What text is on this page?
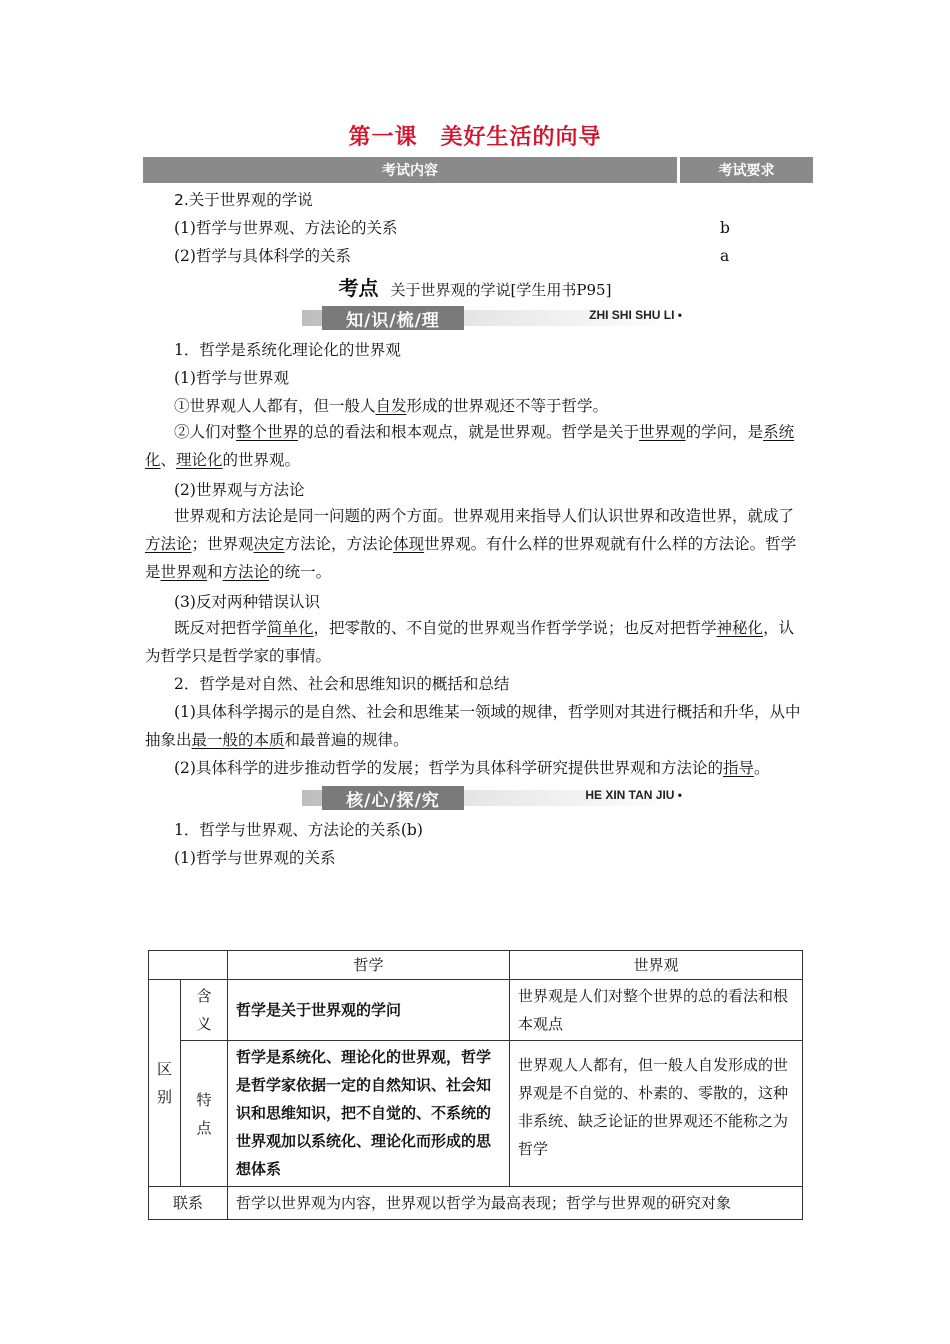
第一课　美好生活的向导
考试内容	考试要求
2.关于世界观的学说
(1)哲学与世界观、方法论的关系	b
(2)哲学与具体科学的关系	a
考点 关于世界观的学说[学生用书P95]
知/识/梳/理	ZHI SHI SHU LI •
1．哲学是系统化理论化的世界观
(1)哲学与世界观
①世界观人人都有，但一般人自发形成的世界观还不等于哲学。
②人们对整个世界的总的看法和根本观点，就是世界观。哲学是关于世界观的学问，是系统化、理论化的世界观。
(2)世界观与方法论
世界观和方法论是同一问题的两个方面。世界观用来指导人们认识世界和改造世界，就成了方法论；世界观决定方法论，方法论体现世界观。有什么样的世界观就有什么样的方法论。哲学是世界观和方法论的统一。
(3)反对两种错误认识
既反对把哲学简单化，把零散的、不自觉的世界观当作哲学学说；也反对把哲学神秘化，认为哲学只是哲学家的事情。
2．哲学是对自然、社会和思维知识的概括和总结
(1)具体科学揭示的是自然、社会和思维某一领域的规律，哲学则对其进行概括和升华，从中抽象出最一般的本质和最普遍的规律。
(2)具体科学的进步推动哲学的发展；哲学为具体科学研究提供世界观和方法论的指导。
核/心/探/究	HE XIN TAN JIU •
1．哲学与世界观、方法论的关系(b)
(1)哲学与世界观的关系
		哲学	世界观

区别	含义	哲学是关于世界观的学问	世界观是人们对整个世界的总的看法和根本观点

	特点	哲学是系统化、理论化的世界观，哲学是哲学家依据一定的自然知识、社会知识和思维知识，把不自觉的、不系统的世界观加以系统化、理论化而形成的思想体系	世界观人人都有，但一般人自发形成的世界观是不自觉的、朴素的、零散的，这种非系统、缺乏论证的世界观还不能称之为哲学
联系		哲学以世界观为内容，世界观以哲学为最高表现；哲学与世界观的研究对象	
